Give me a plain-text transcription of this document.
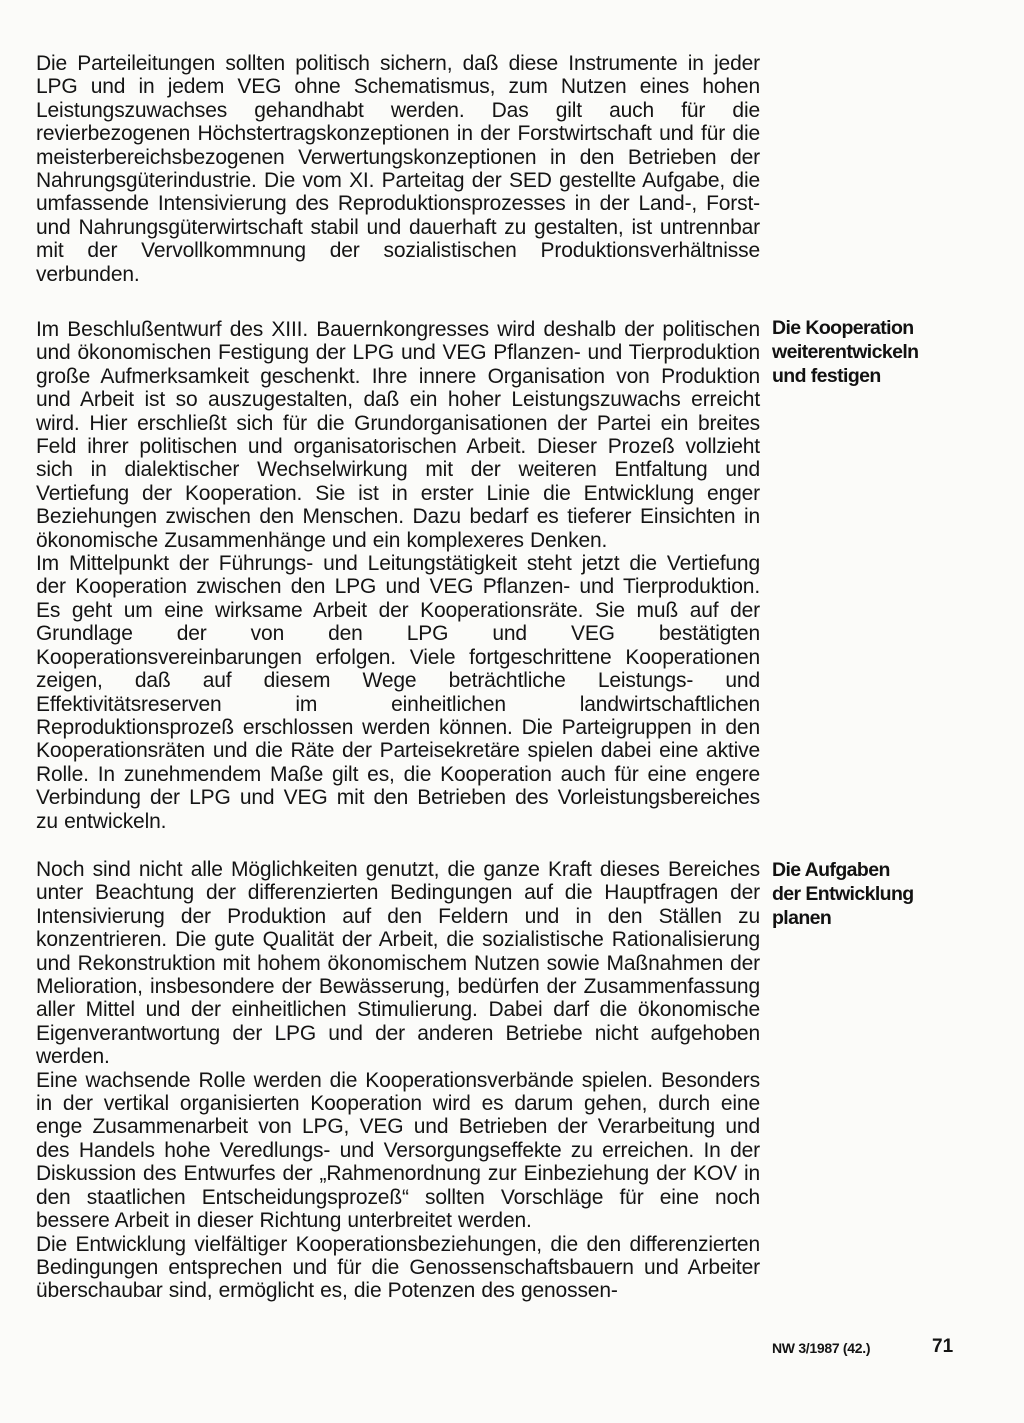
Die Parteileitungen sollten politisch sichern, daß diese Instrumente in jeder LPG und in jedem VEG ohne Schematismus, zum Nutzen eines hohen Leistungszuwachses gehandhabt werden. Das gilt auch für die revierbezogenen Höchstertragskonzeptionen in der Forstwirtschaft und für die meisterbereichsbezogenen Verwertungskonzeptionen in den Betrieben der Nahrungsgüterindustrie. Die vom XI. Parteitag der SED gestellte Aufgabe, die umfassende Intensivierung des Reproduktionsprozesses in der Land-, Forst- und Nahrungsgüterwirtschaft stabil und dauerhaft zu gestalten, ist untrennbar mit der Vervollkommnung der sozialistischen Produktionsverhältnisse verbunden.

Im Beschlußentwurf des XIII. Bauernkongresses wird deshalb der politischen und ökonomischen Festigung der LPG und VEG Pflanzen- und Tierproduktion große Aufmerksamkeit geschenkt. Ihre innere Organisation von Produktion und Arbeit ist so auszugestalten, daß ein hoher Leistungszuwachs erreicht wird. Hier erschließt sich für die Grundorganisationen der Partei ein breites Feld ihrer politischen und organisatorischen Arbeit. Dieser Prozeß vollzieht sich in dialektischer Wechselwirkung mit der weiteren Entfaltung und Vertiefung der Kooperation. Sie ist in erster Linie die Entwicklung enger Beziehungen zwischen den Menschen. Dazu bedarf es tieferer Einsichten in ökonomische Zusammenhänge und ein komplexeres Denken.

Im Mittelpunkt der Führungs- und Leitungstätigkeit steht jetzt die Vertiefung der Kooperation zwischen den LPG und VEG Pflanzen- und Tierproduktion. Es geht um eine wirksame Arbeit der Kooperationsräte. Sie muß auf der Grundlage der von den LPG und VEG bestätigten Kooperationsvereinbarungen erfolgen. Viele fortgeschrittene Kooperationen zeigen, daß auf diesem Wege beträchtliche Leistungs- und Effektivitätsreserven im einheitlichen landwirtschaftlichen Reproduktionsprozeß erschlossen werden können. Die Parteigruppen in den Kooperationsräten und die Räte der Parteisekretäre spielen dabei eine aktive Rolle. In zunehmendem Maße gilt es, die Kooperation auch für eine engere Verbindung der LPG und VEG mit den Betrieben des Vorleistungsbereiches zu entwickeln.

Noch sind nicht alle Möglichkeiten genutzt, die ganze Kraft dieses Bereiches unter Beachtung der differenzierten Bedingungen auf die Hauptfragen der Intensivierung der Produktion auf den Feldern und in den Ställen zu konzentrieren. Die gute Qualität der Arbeit, die sozialistische Rationalisierung und Rekonstruktion mit hohem ökonomischem Nutzen sowie Maßnahmen der Melioration, insbesondere der Bewässerung, bedürfen der Zusammenfassung aller Mittel und der einheitlichen Stimulierung. Dabei darf die ökonomische Eigenverantwortung der LPG und der anderen Betriebe nicht aufgehoben werden.

Eine wachsende Rolle werden die Kooperationsverbände spielen. Besonders in der vertikal organisierten Kooperation wird es darum gehen, durch eine enge Zusammenarbeit von LPG, VEG und Betrieben der Verarbeitung und des Handels hohe Veredlungs- und Versorgungseffekte zu erreichen. In der Diskussion des Entwurfes der „Rahmenordnung zur Einbeziehung der KOV in den staatlichen Entscheidungsprozeß“ sollten Vorschläge für eine noch bessere Arbeit in dieser Richtung unterbreitet werden.

Die Entwicklung vielfältiger Kooperationsbeziehungen, die den differenzierten Bedingungen entsprechen und für die Genossenschaftsbauern und Arbeiter überschaubar sind, ermöglicht es, die Potenzen des genossen-

Die Kooperation
weiterentwickeln
und festigen
Die Aufgaben
der Entwicklung
planen
NW 3/1987 (42.)	71
